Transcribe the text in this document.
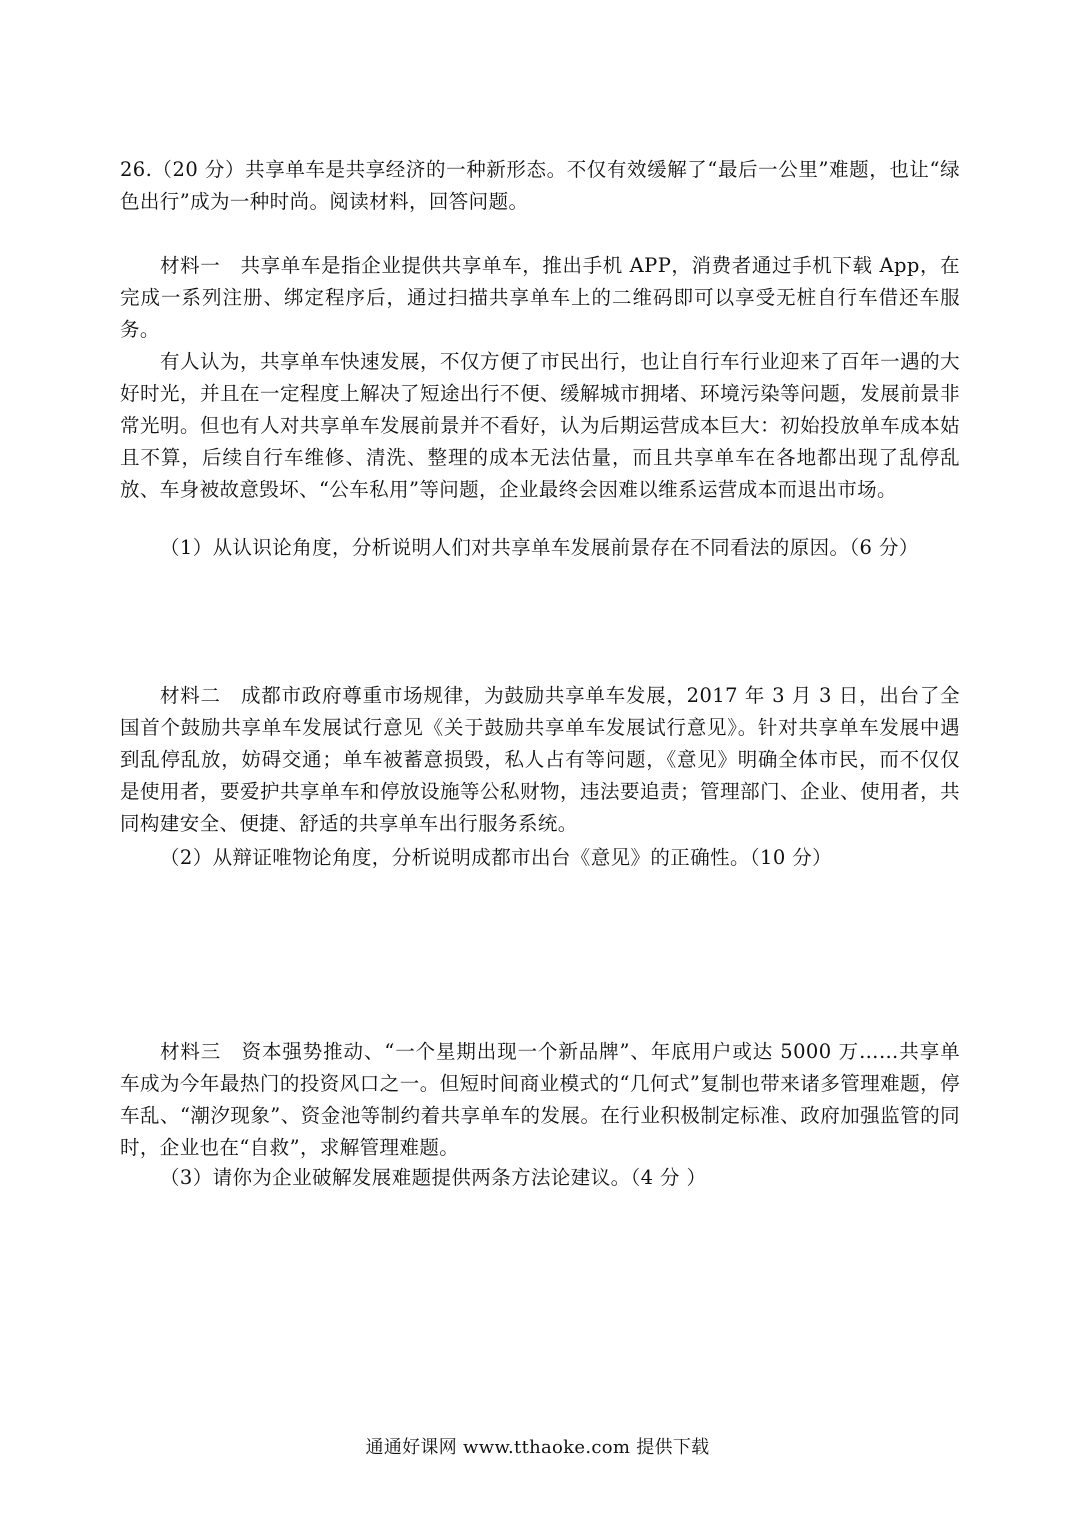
26.（20 分）共享单车是共享经济的一种新形态。不仅有效缓解了“最后一公里”难题，也让“绿色出行”成为一种时尚。阅读材料，回答问题。

材料一　共享单车是指企业提供共享单车，推出手机 APP，消费者通过手机下载 App，在完成一系列注册、绑定程序后，通过扫描共享单车上的二维码即可以享受无桩自行车借还车服务。

有人认为，共享单车快速发展，不仅方便了市民出行，也让自行车行业迎来了百年一遇的大好时光，并且在一定程度上解决了短途出行不便、缓解城市拥堵、环境污染等问题，发展前景非常光明。但也有人对共享单车发展前景并不看好，认为后期运营成本巨大：初始投放单车成本姑且不算，后续自行车维修、清洗、整理的成本无法估量，而且共享单车在各地都出现了乱停乱放、车身被故意毁坏、“公车私用”等问题，企业最终会因难以维系运营成本而退出市场。

（1）从认识论角度，分析说明人们对共享单车发展前景存在不同看法的原因。（6 分）

材料二　成都市政府尊重市场规律，为鼓励共享单车发展，2017 年 3 月 3 日，出台了全国首个鼓励共享单车发展试行意见《关于鼓励共享单车发展试行意见》。针对共享单车发展中遇到乱停乱放，妨碍交通；单车被蓄意损毁，私人占有等问题，《意见》明确全体市民，而不仅仅是使用者，要爱护共享单车和停放设施等公私财物，违法要追责；管理部门、企业、使用者，共同构建安全、便捷、舒适的共享单车出行服务系统。

（2）从辩证唯物论角度，分析说明成都市出台《意见》的正确性。（10 分）

材料三　资本强势推动、“一个星期出现一个新品牌”、年底用户或达 5000 万……共享单车成为今年最热门的投资风口之一。但短时间商业模式的“几何式”复制也带来诸多管理难题，停车乱、“潮汐现象”、资金池等制约着共享单车的发展。在行业积极制定标准、政府加强监管的同时，企业也在“自救”，求解管理难题。

（3）请你为企业破解发展难题提供两条方法论建议。（4 分 ）

通通好课网 www.tthaoke.com 提供下载
